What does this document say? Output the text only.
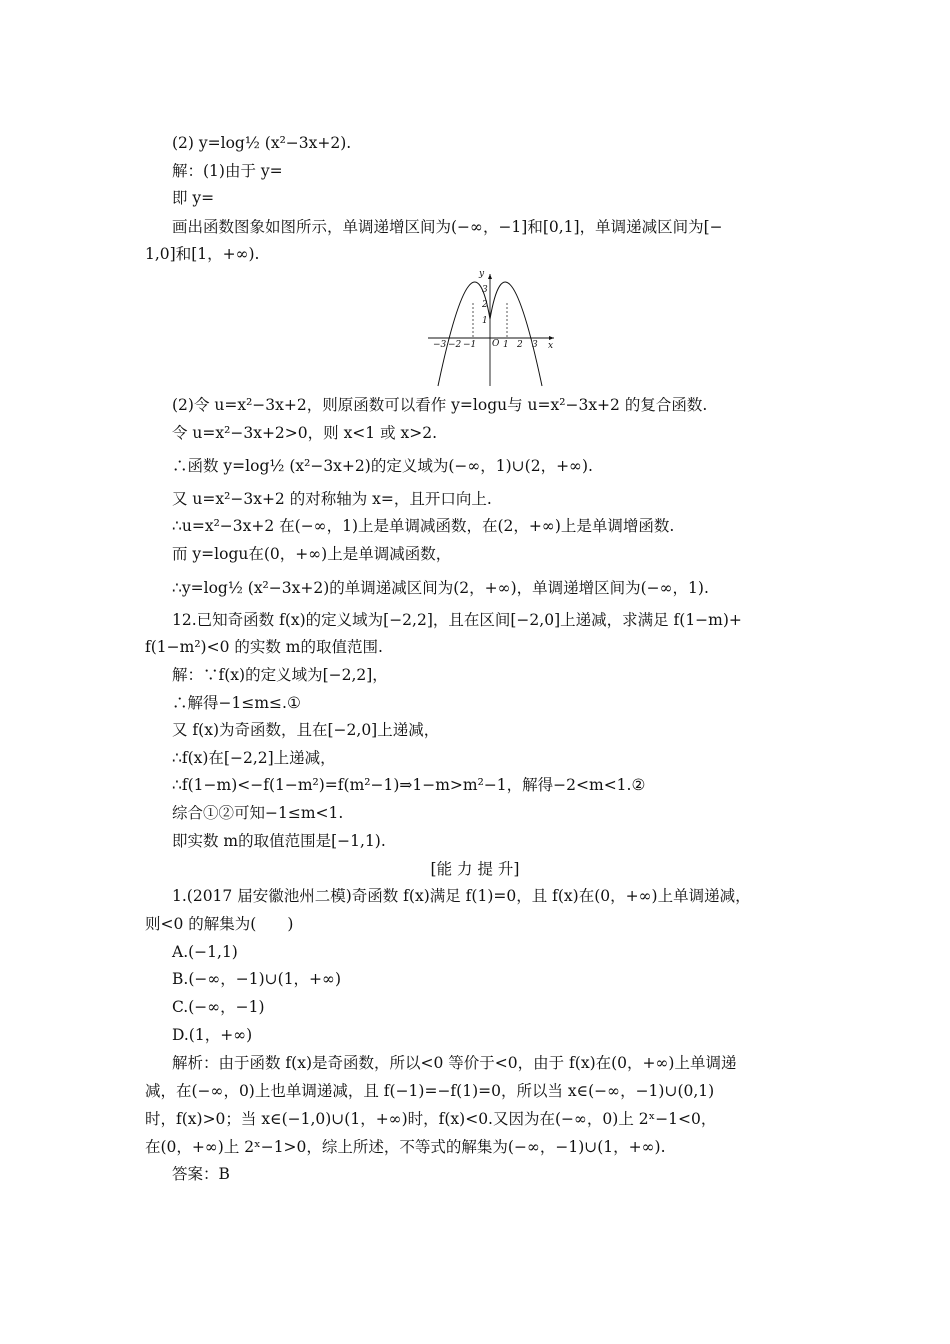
(2) y=log½ (x²−3x+2).
解：(1)由于 y=
即 y=
画出函数图象如图所示，单调递增区间为(−∞，−1]和[0,1]，单调递减区间为[−
1,0]和[1，+∞).
y
x
O
3
2
1
−3 −2 −1	1 2 3
(2)令 u=x²−3x+2，则原函数可以看作 y=logu与 u=x²−3x+2 的复合函数.
令 u=x²−3x+2>0，则 x<1 或 x>2.
∴函数 y=log½ (x²−3x+2)的定义域为(−∞，1)∪(2，+∞).
又 u=x²−3x+2 的对称轴为 x=，且开口向上.
∴u=x²−3x+2 在(−∞，1)上是单调减函数，在(2，+∞)上是单调增函数.
而 y=logu在(0，+∞)上是单调减函数，
∴y=log½ (x²−3x+2)的单调递减区间为(2，+∞)，单调递增区间为(−∞，1).
12.已知奇函数 f(x)的定义域为[−2,2]，且在区间[−2,0]上递减，求满足 f(1−m)+
f(1−m²)<0 的实数 m的取值范围.
解：∵f(x)的定义域为[−2,2]，
∴解得−1≤m≤.①
又 f(x)为奇函数，且在[−2,0]上递减，
∴f(x)在[−2,2]上递减，
∴f(1−m)<−f(1−m²)=f(m²−1)⇒1−m>m²−1，解得−2<m<1.②
综合①②可知−1≤m<1.
即实数 m的取值范围是[−1,1).
[能 力 提 升]
1.(2017 届安徽池州二模)奇函数 f(x)满足 f(1)=0，且 f(x)在(0，+∞)上单调递减，
则<0 的解集为(　　)
A.(−1,1)
B.(−∞，−1)∪(1，+∞)
C.(−∞，−1)
D.(1，+∞)
解析：由于函数 f(x)是奇函数，所以<0 等价于<0，由于 f(x)在(0，+∞)上单调递
减，在(−∞，0)上也单调递减，且 f(−1)=−f(1)=0，所以当 x∈(−∞，−1)∪(0,1)
时，f(x)>0；当 x∈(−1,0)∪(1，+∞)时，f(x)<0.又因为在(−∞，0)上 2ˣ−1<0，
在(0，+∞)上 2ˣ−1>0，综上所述，不等式的解集为(−∞，−1)∪(1，+∞).
答案：B
